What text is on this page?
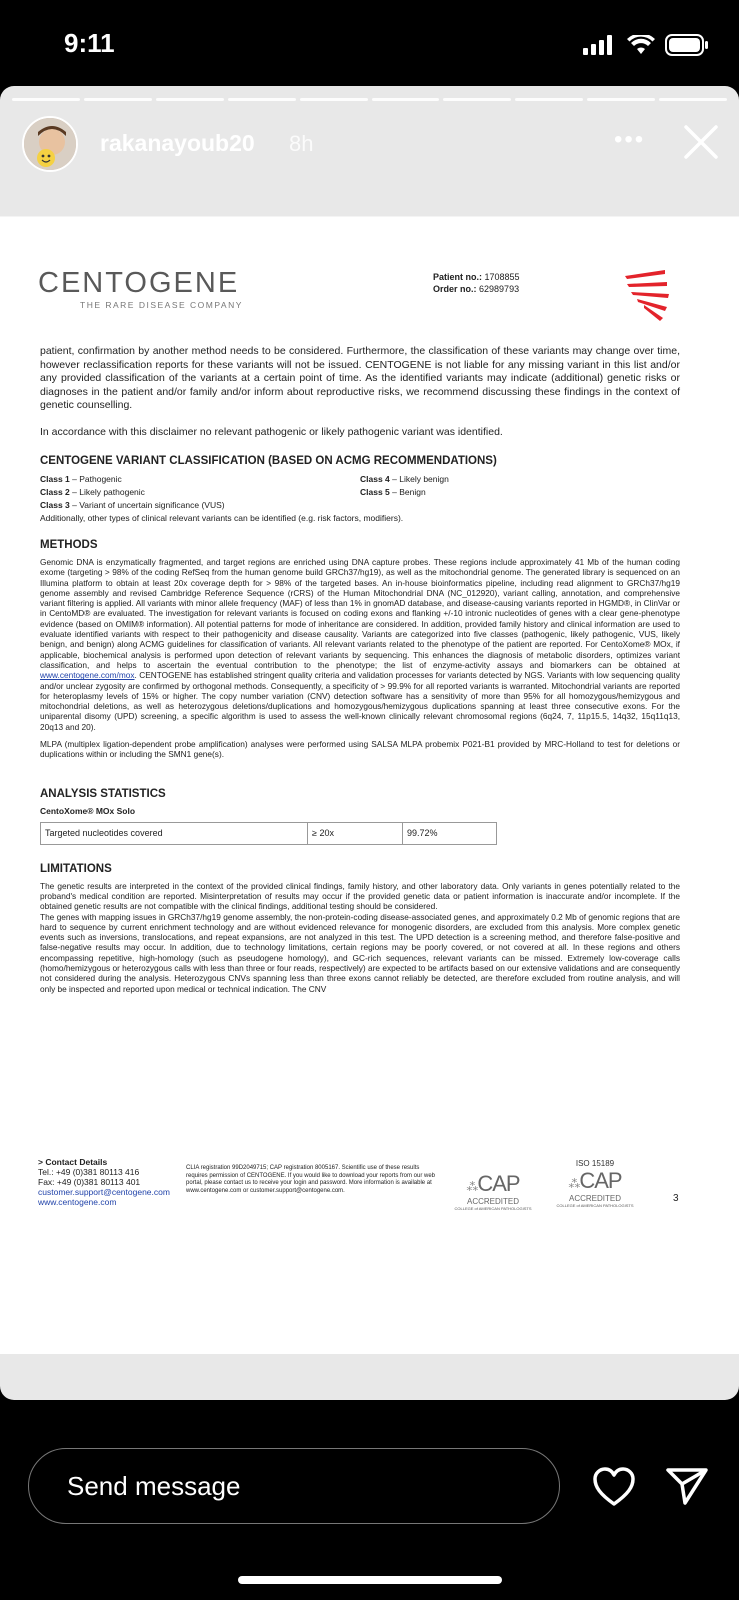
9:11
rakanayoub20 8h	•••
CENTOGENE
THE RARE DISEASE COMPANY
Patient no.: 1708855
Order no.: 62989793

patient, confirmation by another method needs to be considered. Furthermore, the classification of these variants may change over time, however reclassification reports for these variants will not be issued. CENTOGENE is not liable for any missing variant in this list and/or any provided classification of the variants at a certain point of time. As the identified variants may indicate (additional) genetic risks or diagnoses in the patient and/or family and/or inform about reproductive risks, we recommend discussing these findings in the context of genetic counselling.

In accordance with this disclaimer no relevant pathogenic or likely pathogenic variant was identified.

CENTOGENE VARIANT CLASSIFICATION (BASED ON ACMG RECOMMENDATIONS)
Class 1 – Pathogenic	Class 4 – Likely benign
Class 2 – Likely pathogenic	Class 5 – Benign
Class 3 – Variant of uncertain significance (VUS)
Additionally, other types of clinical relevant variants can be identified (e.g. risk factors, modifiers).
METHODS

Genomic DNA is enzymatically fragmented, and target regions are enriched using DNA capture probes. These regions include approximately 41 Mb of the human coding exome (targeting > 98% of the coding RefSeq from the human genome build GRCh37/hg19), as well as the mitochondrial genome. The generated library is sequenced on an Illumina platform to obtain at least 20x coverage depth for > 98% of the targeted bases. An in-house bioinformatics pipeline, including read alignment to GRCh37/hg19 genome assembly and revised Cambridge Reference Sequence (rCRS) of the Human Mitochondrial DNA (NC_012920), variant calling, annotation, and comprehensive variant filtering is applied. All variants with minor allele frequency (MAF) of less than 1% in gnomAD database, and disease-causing variants reported in HGMD®, in ClinVar or in CentoMD® are evaluated. The investigation for relevant variants is focused on coding exons and flanking +/-10 intronic nucleotides of genes with a clear gene-phenotype evidence (based on OMIM® information). All potential patterns for mode of inheritance are considered. In addition, provided family history and clinical information are used to evaluate identified variants with respect to their pathogenicity and disease causality. Variants are categorized into five classes (pathogenic, likely pathogenic, VUS, likely benign, and benign) along ACMG guidelines for classification of variants. All relevant variants related to the phenotype of the patient are reported. For CentoXome® MOx, if applicable, biochemical analysis is performed upon detection of relevant variants by sequencing. This enhances the diagnosis of metabolic disorders, optimizes variant classification, and helps to ascertain the eventual contribution to the phenotype; the list of enzyme-activity assays and biomarkers can be obtained at www.centogene.com/mox. CENTOGENE has established stringent quality criteria and validation processes for variants detected by NGS. Variants with low sequencing quality and/or unclear zygosity are confirmed by orthogonal methods. Consequently, a specificity of > 99.9% for all reported variants is warranted. Mitochondrial variants are reported for heteroplasmy levels of 15% or higher. The copy number variation (CNV) detection software has a sensitivity of more than 95% for all homozygous/hemizygous and mitochondrial deletions, as well as heterozygous deletions/duplications and homozygous/hemizygous duplications spanning at least three consecutive exons. For the uniparental disomy (UPD) screening, a specific algorithm is used to assess the well-known clinically relevant chromosomal regions (6q24, 7, 11p15.5, 14q32, 15q11q13, 20q13 and 20).

MLPA (multiplex ligation-dependent probe amplification) analyses were performed using SALSA MLPA probemix P021-B1 provided by MRC-Holland to test for deletions or duplications within or including the SMN1 gene(s).

ANALYSIS STATISTICS
CentoXome® MOx Solo
Targeted nucleotides covered	≥ 20x	99.72%
LIMITATIONS

The genetic results are interpreted in the context of the provided clinical findings, family history, and other laboratory data. Only variants in genes potentially related to the proband's medical condition are reported. Misinterpretation of results may occur if the provided genetic data or patient information is inaccurate and/or incomplete. If the obtained genetic results are not compatible with the clinical findings, additional testing should be considered.

The genes with mapping issues in GRCh37/hg19 genome assembly, the non-protein-coding disease-associated genes, and approximately 0.2 Mb of genomic regions that are hard to sequence by current enrichment technology and are without evidenced relevance for monogenic disorders, are excluded from this analysis. More complex genetic events such as inversions, translocations, and repeat expansions, are not analyzed in this test. The UPD detection is a screening method, and therefore false-positive and false-negative results may occur. In addition, due to technology limitations, certain regions may be poorly covered, or not covered at all. In these regions and others encompassing repetitive, high-homology (such as pseudogene homology), and GC-rich sequences, relevant variants can be missed. Extremely low-coverage calls (homo/hemizygous or heterozygous calls with less than three or four reads, respectively) are expected to be artifacts based on our extensive validations and are consequently not considered during the analysis. Heterozygous CNVs spanning less than three exons cannot reliably be detected, are therefore excluded from routine analysis, and will only be inspected and reported upon medical or technical indication. The CNV

> Contact Details
Tel.: +49 (0)381 80113 416
Fax: +49 (0)381 80113 401
customer.support@centogene.com
www.centogene.com
CLIA registration 99D2049715; CAP registration 8005167. Scientific use of these results requires permission of CENTOGENE. If you would like to download your reports from our web portal, please contact us to receive your login and password. More information is available at www.centogene.com or customer.support@centogene.com.	⁂CAP
ACCREDITED
COLLEGE of AMERICAN PATHOLOGISTS
ISO 15189
⁂CAP
ACCREDITED
COLLEGE of AMERICAN PATHOLOGISTS
3
Send message
